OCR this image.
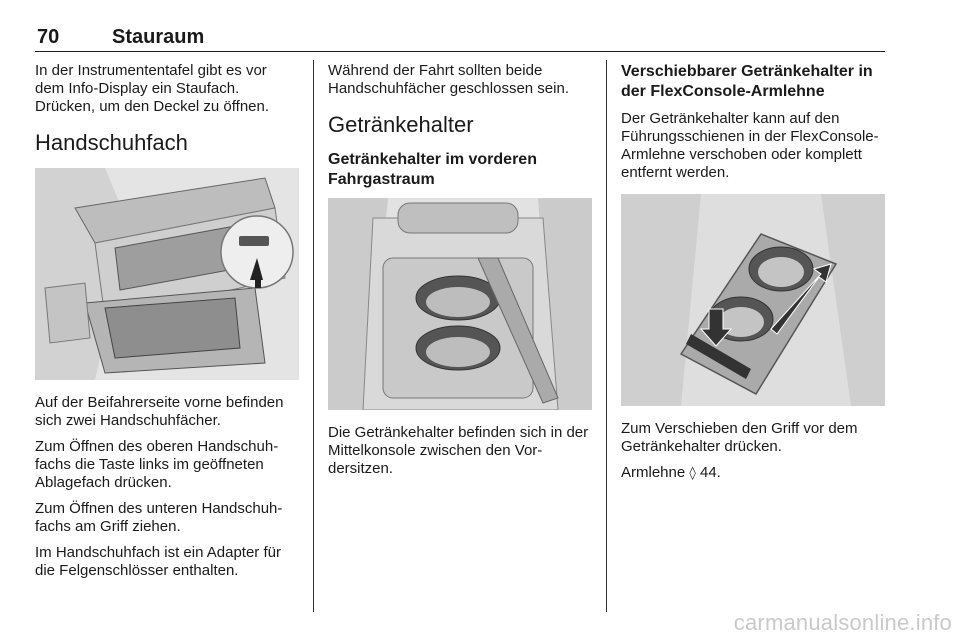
70	Stauraum

In der Instrumententafel gibt es vor dem Info-Display ein Staufach. Drücken, um den Deckel zu öffnen.

Handschuhfach

Auf der Beifahrerseite vorne befinden sich zwei Handschuhfächer.

Zum Öffnen des oberen Handschuhfachs die Taste links im geöffneten Ablagefach drücken.

Zum Öffnen des unteren Handschuhfachs am Griff ziehen.

Im Handschuhfach ist ein Adapter für die Felgenschlösser enthalten.

Während der Fahrt sollten beide Handschuhfächer geschlossen sein.

Getränkehalter
Getränkehalter im vorderen Fahrgastraum

Die Getränkehalter befinden sich in der Mittelkonsole zwischen den Vordersitzen.

Verschiebbarer Getränkehalter in der FlexConsole-Armlehne

Der Getränkehalter kann auf den Führungsschienen in der FlexConsole-Armlehne verschoben oder komplett entfernt werden.

Zum Verschieben den Griff vor dem Getränkehalter drücken.

Armlehne ◊ 44.

carmanualsonline.info
